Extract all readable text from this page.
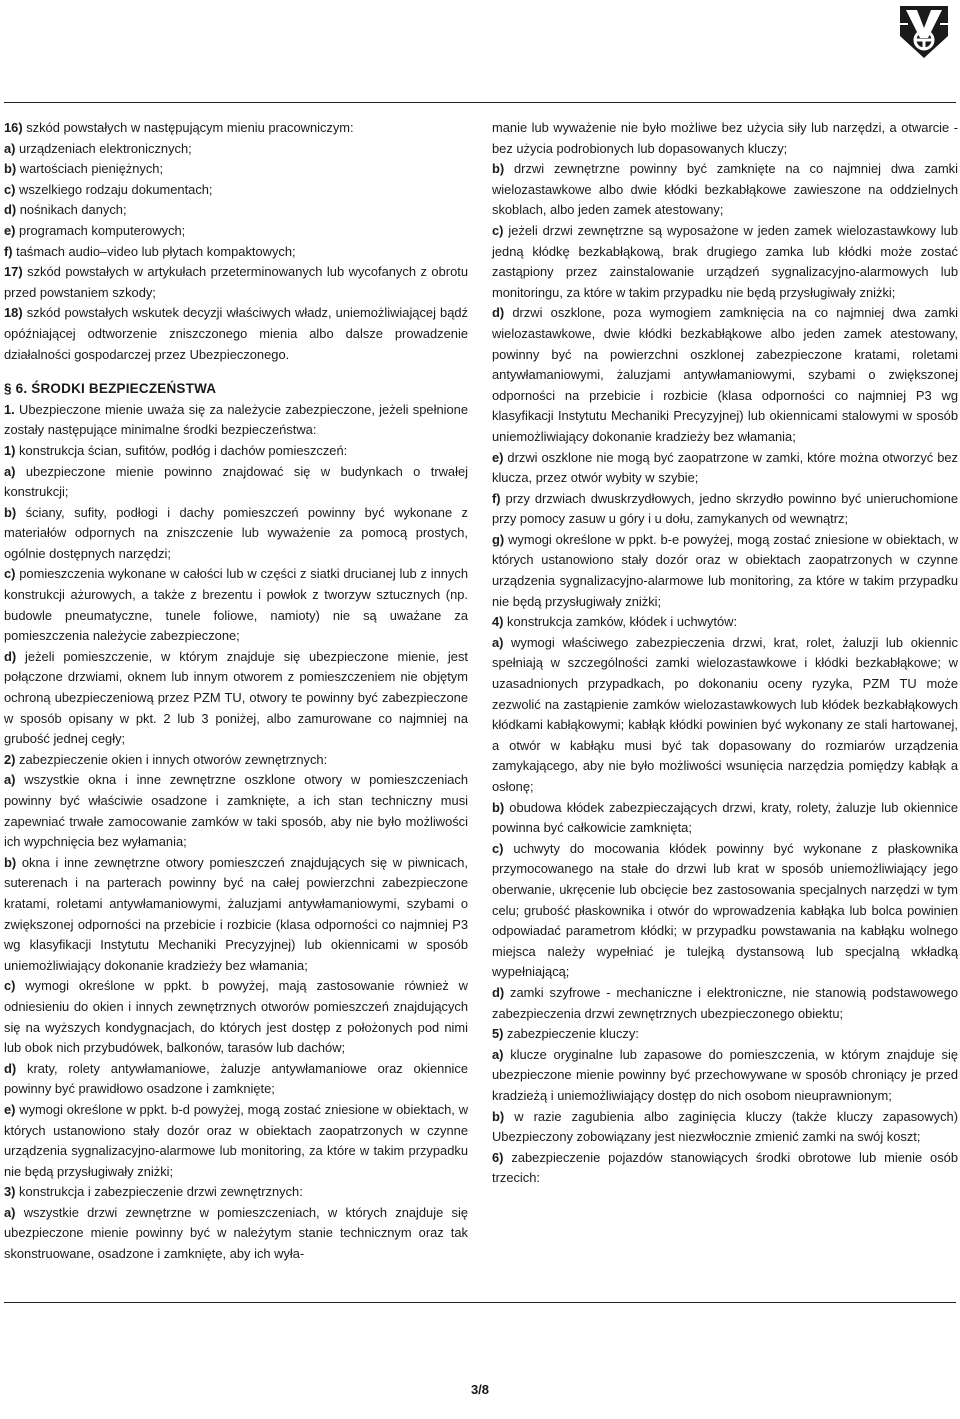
16) szkód powstałych w następującym mieniu pracowniczym:

a) urządzeniach elektronicznych;

b) wartościach pieniężnych;

c) wszelkiego rodzaju dokumentach;

d) nośnikach danych;

e) programach komputerowych;

f) taśmach audio–video lub płytach kompaktowych;

17) szkód powstałych w artykułach przeterminowanych lub wycofanych z obrotu przed powstaniem szkody;

18) szkód powstałych wskutek decyzji właściwych władz, uniemożliwiającej bądź opóźniającej odtworzenie zniszczonego mienia albo dalsze prowadzenie działalności gospodarczej przez Ubezpieczonego.

§ 6. ŚRODKI BEZPIECZEŃSTWA

1. Ubezpieczone mienie uważa się za należycie zabezpieczone, jeżeli spełnione zostały następujące minimalne środki bezpieczeństwa:

1) konstrukcja ścian, sufitów, podłóg i dachów pomieszczeń:

a) ubezpieczone mienie powinno znajdować się w budynkach o trwałej konstrukcji;

b) ściany, sufity, podłogi i dachy pomieszczeń powinny być wykonane z materiałów odpornych na zniszczenie lub wyważenie za pomocą prostych, ogólnie dostępnych narzędzi;

c) pomieszczenia wykonane w całości lub w części z siatki drucianej lub z innych konstrukcji ażurowych, a także z brezentu i powłok z tworzyw sztucznych (np. budowle pneumatyczne, tunele foliowe, namioty) nie są uważane za pomieszczenia należycie zabezpieczone;

d) jeżeli pomieszczenie, w którym znajduje się ubezpieczone mienie, jest połączone drzwiami, oknem lub innym otworem z pomieszczeniem nie objętym ochroną ubezpieczeniową przez PZM TU, otwory te powinny być zabezpieczone w sposób opisany w pkt. 2 lub 3 poniżej, albo zamurowane co najmniej na grubość jednej cegły;

2) zabezpieczenie okien i innych otworów zewnętrznych:

a) wszystkie okna i inne zewnętrzne oszklone otwory w pomieszczeniach powinny być właściwie osadzone i zamknięte, a ich stan techniczny musi zapewniać trwałe zamocowanie zamków w taki sposób, aby nie było możliwości ich wypchnięcia bez wyłamania;

b) okna i inne zewnętrzne otwory pomieszczeń znajdujących się w piwnicach, suterenach i na parterach powinny być na całej powierzchni zabezpieczone kratami, roletami antywłamaniowymi, żaluzjami antywłamaniowymi, szybami o zwiększonej odporności na przebicie i rozbicie (klasa odporności co najmniej P3 wg klasyfikacji Instytutu Mechaniki Precyzyjnej) lub okiennicami w sposób uniemożliwiający dokonanie kradzieży bez włamania;

c) wymogi określone w ppkt. b powyżej, mają zastosowanie również w odniesieniu do okien i innych zewnętrznych otworów pomieszczeń znajdujących się na wyższych kondygnacjach, do których jest dostęp z położonych pod nimi lub obok nich przybudówek, balkonów, tarasów lub dachów;

d) kraty, rolety antywłamaniowe, żaluzje antywłamaniowe oraz okiennice powinny być prawidłowo osadzone i zamknięte;

e) wymogi określone w ppkt. b-d powyżej, mogą zostać zniesione w obiektach, w których ustanowiono stały dozór oraz w obiektach zaopatrzonych w czynne urządzenia sygnalizacyjno-alarmowe lub monitoring, za które w takim przypadku nie będą przysługiwały zniżki;

3) konstrukcja i zabezpieczenie drzwi zewnętrznych:

a) wszystkie drzwi zewnętrzne w pomieszczeniach, w których znajduje się ubezpieczone mienie powinny być w należytym stanie technicznym oraz tak skonstruowane, osadzone i zamknięte, aby ich wyła-

manie lub wyważenie nie było możliwe bez użycia siły lub narzędzi, a otwarcie - bez użycia podrobionych lub dopasowanych kluczy;

b) drzwi zewnętrzne powinny być zamknięte na co najmniej dwa zamki wielozastawkowe albo dwie kłódki bezkabłąkowe zawieszone na oddzielnych skoblach, albo jeden zamek atestowany;

c) jeżeli drzwi zewnętrzne są wyposażone w jeden zamek wielozastawkowy lub jedną kłódkę bezkabłąkową, brak drugiego zamka lub kłódki może zostać zastąpiony przez zainstalowanie urządzeń sygnalizacyjno-alarmowych lub monitoringu, za które w takim przypadku nie będą przysługiwały zniżki;

d) drzwi oszklone, poza wymogiem zamknięcia na co najmniej dwa zamki wielozastawkowe, dwie kłódki bezkabłąkowe albo jeden zamek atestowany, powinny być na powierzchni oszklonej zabezpieczone kratami, roletami antywłamaniowymi, żaluzjami antywłamaniowymi, szybami o zwiększonej odporności na przebicie i rozbicie (klasa odporności co najmniej P3 wg klasyfikacji Instytutu Mechaniki Precyzyjnej) lub okiennicami stalowymi w sposób uniemożliwiający dokonanie kradzieży bez włamania;

e) drzwi oszklone nie mogą być zaopatrzone w zamki, które można otworzyć bez klucza, przez otwór wybity w szybie;

f) przy drzwiach dwuskrzydłowych, jedno skrzydło powinno być unieruchomione przy pomocy zasuw u góry i u dołu, zamykanych od wewnątrz;

g) wymogi określone w ppkt. b-e powyżej, mogą zostać zniesione w obiektach, w których ustanowiono stały dozór oraz w obiektach zaopatrzonych w czynne urządzenia sygnalizacyjno-alarmowe lub monitoring, za które w takim przypadku nie będą przysługiwały zniżki;

4) konstrukcja zamków, kłódek i uchwytów:

a) wymogi właściwego zabezpieczenia drzwi, krat, rolet, żaluzji lub okiennic spełniają w szczególności zamki wielozastawkowe i kłódki bezkabłąkowe; w uzasadnionych przypadkach, po dokonaniu oceny ryzyka, PZM TU może zezwolić na zastąpienie zamków wielozastawkowych lub kłódek bezkabłąkowych kłódkami kabłąkowymi; kabłąk kłódki powinien być wykonany ze stali hartowanej, a otwór w kabłąku musi być tak dopasowany do rozmiarów urządzenia zamykającego, aby nie było możliwości wsunięcia narzędzia pomiędzy kabłąk a osłonę;

b) obudowa kłódek zabezpieczających drzwi, kraty, rolety, żaluzje lub okiennice powinna być całkowicie zamknięta;

c) uchwyty do mocowania kłódek powinny być wykonane z płaskownika przymocowanego na stałe do drzwi lub krat w sposób uniemożliwiający jego oberwanie, ukręcenie lub obcięcie bez zastosowania specjalnych narzędzi w tym celu; grubość płaskownika i otwór do wprowadzenia kabłąka lub bolca powinien odpowiadać parametrom kłódki; w przypadku powstawania na kabłąku wolnego miejsca należy wypełniać je tulejką dystansową lub specjalną wkładką wypełniającą;

d) zamki szyfrowe - mechaniczne i elektroniczne, nie stanowią podstawowego zabezpieczenia drzwi zewnętrznych ubezpieczonego obiektu;

5) zabezpieczenie kluczy:

a) klucze oryginalne lub zapasowe do pomieszczenia, w którym znajduje się ubezpieczone mienie powinny być przechowywane w sposób chroniący je przed kradzieżą i uniemożliwiający dostęp do nich osobom nieuprawnionym;

b) w razie zagubienia albo zaginięcia kluczy (także kluczy zapasowych) Ubezpieczony zobowiązany jest niezwłocznie zmienić zamki na swój koszt;

6) zabezpieczenie pojazdów stanowiących środki obrotowe lub mienie osób trzecich:

3/8
